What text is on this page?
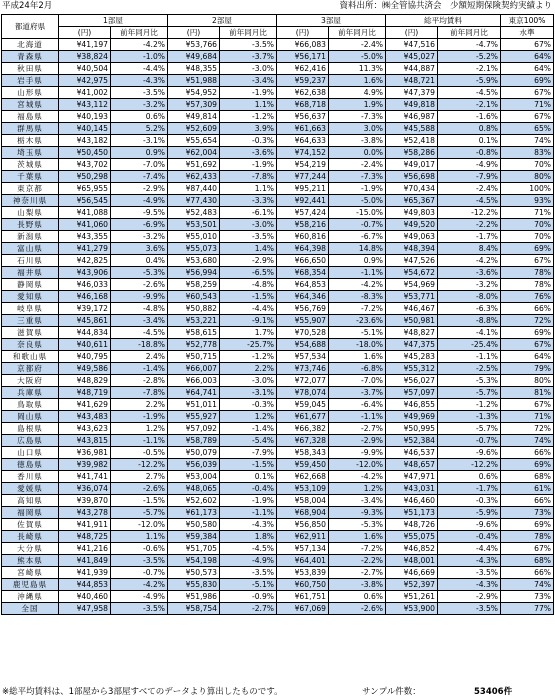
平成24年2月	資料出所：㈱全管協共済会　少額短期保険契約実績より
都道府県	1部屋		2部屋		3部屋		総平均賃料		東京100%
	(円)	前年同月比	(円)	前年同月比	(円)	前年同月比	(円)	前年同月比	水準
北海道	¥41,197	-4.2%	¥53,766	-3.5%	¥66,083	-2.4%	¥47,516	-4.7%	67%
青森県	¥38,824	-1.0%	¥49,684	-3.7%	¥56,171	-5.0%	¥45,027	-5.2%	64%
秋田県	¥40,504	-4.4%	¥48,355	-3.0%	¥62,416	11.3%	¥44,887	-2.1%	64%
岩手県	¥42,975	-4.3%	¥51,988	-3.4%	¥59,237	1.6%	¥48,721	-5.9%	69%
山形県	¥41,002	-3.5%	¥54,952	-1.9%	¥62,638	4.9%	¥47,379	-4.5%	67%
宮城県	¥43,112	-3.2%	¥57,309	1.1%	¥68,718	1.9%	¥49,818	-2.1%	71%
福島県	¥40,193	0.6%	¥49,814	-1.2%	¥56,637	-7.3%	¥46,987	-1.6%	67%
群馬県	¥40,145	5.2%	¥52,609	3.9%	¥61,663	3.0%	¥45,588	0.8%	65%
栃木県	¥43,182	-3.1%	¥55,654	-0.3%	¥64,633	-3.8%	¥52,418	0.1%	74%
埼玉県	¥50,450	0.9%	¥62,004	-3.6%	¥74,152	0.0%	¥58,286	-0.8%	83%
茨城県	¥43,702	-7.0%	¥51,692	-1.9%	¥54,219	-2.4%	¥49,017	-4.9%	70%
千葉県	¥50,298	-7.4%	¥62,433	-7.8%	¥77,244	-7.3%	¥56,698	-7.9%	80%
東京都	¥65,955	-2.9%	¥87,440	1.1%	¥95,211	-1.9%	¥70,434	-2.4%	100%
神奈川県	¥56,545	-4.9%	¥77,430	-3.3%	¥92,441	-5.0%	¥65,367	-4.5%	93%
山梨県	¥41,088	-9.5%	¥52,483	-6.1%	¥57,424	-15.0%	¥49,803	-12.2%	71%
長野県	¥41,060	-6.9%	¥53,501	-3.0%	¥58,216	-0.7%	¥49,520	-2.2%	70%
新潟県	¥43,355	-3.2%	¥55,010	-3.5%	¥60,816	-6.7%	¥49,063	-1.7%	70%
富山県	¥41,279	3.6%	¥55,073	1.4%	¥64,398	14.8%	¥48,394	8.4%	69%
石川県	¥42,825	0.4%	¥53,680	-2.9%	¥66,650	0.9%	¥47,526	-4.2%	67%
福井県	¥43,906	-5.3%	¥56,994	-6.5%	¥68,354	-1.1%	¥54,672	-3.6%	78%
静岡県	¥46,033	-2.6%	¥58,259	-4.8%	¥64,853	-4.2%	¥54,969	-3.2%	78%
愛知県	¥46,168	-9.9%	¥60,543	-1.5%	¥64,346	-8.3%	¥53,771	-8.0%	76%
岐阜県	¥39,172	-4.8%	¥50,882	-4.4%	¥56,769	-7.2%	¥46,467	-6.3%	66%
三重県	¥45,861	-3.4%	¥53,221	-9.1%	¥55,907	-23.6%	¥50,981	-8.8%	72%
滋賀県	¥44,834	-4.5%	¥58,615	1.7%	¥70,528	-5.1%	¥48,827	-4.1%	69%
奈良県	¥40,611	-18.8%	¥52,778	-25.7%	¥54,688	-18.0%	¥47,375	-25.4%	67%
和歌山県	¥40,795	2.4%	¥50,715	-1.2%	¥57,534	1.6%	¥45,283	-1.1%	64%
京都府	¥49,586	-1.4%	¥66,007	2.2%	¥73,746	-6.8%	¥55,312	-2.5%	79%
大阪府	¥48,829	-2.8%	¥66,003	-3.0%	¥72,077	-7.0%	¥56,027	-5.3%	80%
兵庫県	¥48,719	-7.8%	¥64,741	-3.1%	¥78,074	-3.7%	¥57,097	-5.7%	81%
鳥取県	¥41,629	2.2%	¥51,011	-0.3%	¥59,045	-6.4%	¥46,855	-1.2%	67%
岡山県	¥43,483	-1.9%	¥55,927	1.2%	¥61,677	-1.1%	¥49,969	-1.3%	71%
島根県	¥43,623	1.2%	¥57,092	-1.4%	¥66,382	-2.7%	¥50,995	-5.7%	72%
広島県	¥43,815	-1.1%	¥58,789	-5.4%	¥67,328	-2.9%	¥52,384	-0.7%	74%
山口県	¥36,981	-0.5%	¥50,079	-7.9%	¥58,343	-9.9%	¥46,537	-9.6%	66%
徳島県	¥39,982	-12.2%	¥56,039	-1.5%	¥59,450	-12.0%	¥48,657	-12.2%	69%
香川県	¥41,741	2.7%	¥53,004	0.1%	¥62,668	-4.2%	¥47,971	0.6%	68%
愛媛県	¥36,074	-2.6%	¥48,065	-0.4%	¥53,109	1.2%	¥43,031	-1.7%	61%
高知県	¥39,870	-1.5%	¥52,602	-1.9%	¥58,004	-3.4%	¥46,460	-0.3%	66%
福岡県	¥43,278	-5.7%	¥61,173	-1.1%	¥68,904	-9.3%	¥51,173	-5.9%	73%
佐賀県	¥41,911	-12.0%	¥50,580	-4.3%	¥56,850	-5.3%	¥48,726	-9.6%	69%
長崎県	¥48,725	1.1%	¥59,384	1.8%	¥62,911	1.6%	¥55,075	-0.4%	78%
大分県	¥41,216	-0.6%	¥51,705	-4.5%	¥57,134	-7.2%	¥46,852	-4.4%	67%
熊本県	¥41,849	-3.5%	¥54,198	-4.9%	¥64,401	-2.2%	¥48,001	-4.3%	68%
宮崎県	¥41,939	-0.7%	¥50,573	-3.5%	¥53,839	-2.7%	¥46,669	-3.5%	66%
鹿児島県	¥44,853	-4.2%	¥55,830	-5.1%	¥60,750	-3.8%	¥52,397	-4.3%	74%
沖縄県	¥40,460	-4.9%	¥51,986	-0.9%	¥61,751	0.6%	¥51,261	-2.9%	73%
全国	¥47,958	-3.5%	¥58,754	-2.7%	¥67,069	-2.6%	¥53,900	-3.5%	77%
※総平均賃料は、1部屋から3部屋すべてのデータより算出したものです。	サンプル件数：	53406件
